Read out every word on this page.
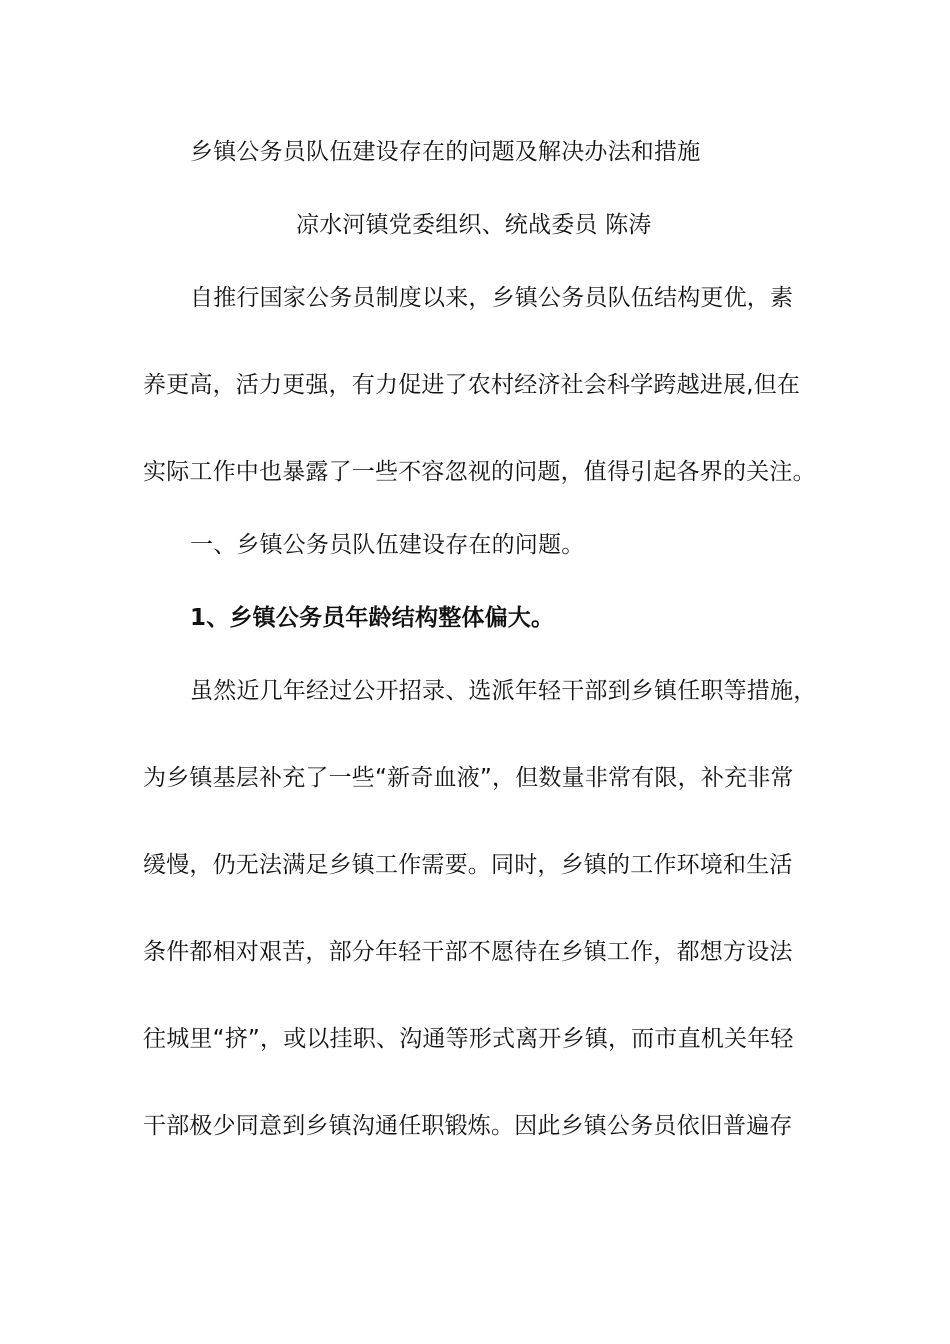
乡镇公务员队伍建设存在的问题及解决办法和措施
凉水河镇党委组织、统战委员 陈涛
自推行国家公务员制度以来，乡镇公务员队伍结构更优，素
养更高，活力更强，有力促进了农村经济社会科学跨越进展,但在
实际工作中也暴露了一些不容忽视的问题，值得引起各界的关注。
一、乡镇公务员队伍建设存在的问题。
1、乡镇公务员年龄结构整体偏大。
虽然近几年经过公开招录、选派年轻干部到乡镇任职等措施，
为乡镇基层补充了一些“新奇血液”，但数量非常有限，补充非常
缓慢，仍无法满足乡镇工作需要。同时，乡镇的工作环境和生活
条件都相对艰苦，部分年轻干部不愿待在乡镇工作，都想方设法
往城里“挤”，或以挂职、沟通等形式离开乡镇，而市直机关年轻
干部极少同意到乡镇沟通任职锻炼。因此乡镇公务员依旧普遍存
